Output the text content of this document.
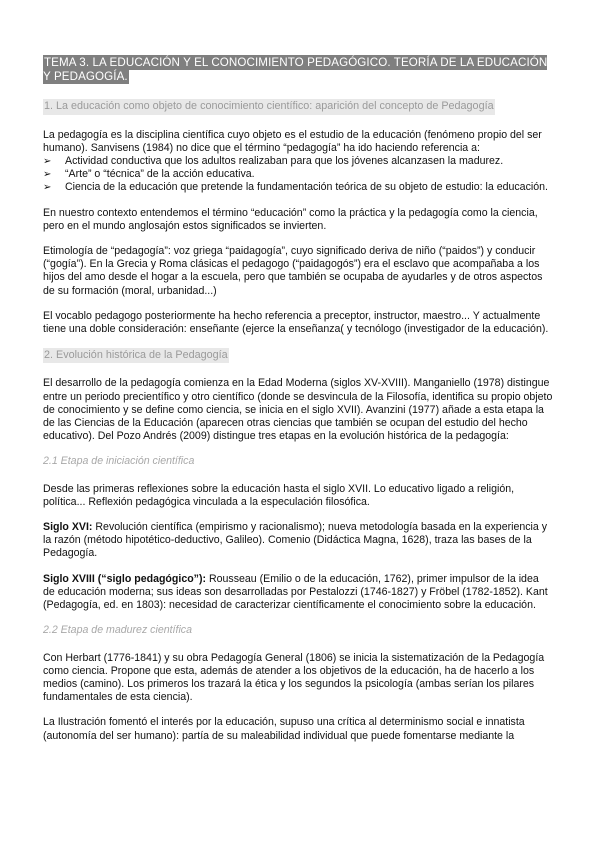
TEMA 3. LA EDUCACIÓN Y EL CONOCIMIENTO PEDAGÓGICO. TEORÍA DE LA EDUCACIÓN Y PEDAGOGÍA.
1. La educación como objeto de conocimiento científico: aparición del concepto de Pedagogía

La pedagogía es la disciplina científica cuyo objeto es el estudio de la educación (fenómeno propio del ser humano). Sanvisens (1984) no dice que el término “pedagogía” ha ido haciendo referencia a:

➢ Actividad conductiva que los adultos realizaban para que los jóvenes alcanzasen la madurez.
➢ “Arte” o “técnica” de la acción educativa.
➢ Ciencia de la educación que pretende la fundamentación teórica de su objeto de estudio: la educación.

En nuestro contexto entendemos el término “educación” como la práctica y la pedagogía como la ciencia, pero en el mundo anglosajón estos significados se invierten.

Etimología de “pedagogía”: voz griega “paidagogía”, cuyo significado deriva de niño (“paidos”) y conducir (“gogía”). En la Grecia y Roma clásicas el pedagogo (“paidagogós”) era el esclavo que acompañaba a los hijos del amo desde el hogar a la escuela, pero que también se ocupaba de ayudarles y de otros aspectos de su formación (moral, urbanidad...)

El vocablo pedagogo posteriormente ha hecho referencia a preceptor, instructor, maestro... Y actualmente tiene una doble consideración: enseñante (ejerce la enseñanza( y tecnólogo (investigador de la educación).

2. Evolución histórica de la Pedagogía

El desarrollo de la pedagogía comienza en la Edad Moderna (siglos XV-XVIII). Manganiello (1978) distingue entre un periodo precientífico y otro científico (donde se desvincula de la Filosofía, identifica su propio objeto de conocimiento y se define como ciencia, se inicia en el siglo XVII). Avanzini (1977) añade a esta etapa la de las Ciencias de la Educación (aparecen otras ciencias que también se ocupan del estudio del hecho educativo). Del Pozo Andrés (2009) distingue tres etapas en la evolución histórica de la pedagogía:

2.1 Etapa de iniciación científica

Desde las primeras reflexiones sobre la educación hasta el siglo XVII. Lo educativo ligado a religión, política... Reflexión pedagógica vinculada a la especulación filosófica.

Siglo XVI: Revolución científica (empirismo y racionalismo); nueva metodología basada en la experiencia y la razón (método hipotético-deductivo, Galileo). Comenio (Didáctica Magna, 1628), traza las bases de la Pedagogía.

Siglo XVIII (“siglo pedagógico”): Rousseau (Emilio o de la educación, 1762), primer impulsor de la idea de educación moderna; sus ideas son desarrolladas por Pestalozzi (1746-1827) y Fröbel (1782-1852). Kant (Pedagogía, ed. en 1803): necesidad de caracterizar científicamente el conocimiento sobre la educación.

2.2 Etapa de madurez científica

Con Herbart (1776-1841) y su obra Pedagogía General (1806) se inicia la sistematización de la Pedagogía como ciencia. Propone que esta, además de atender a los objetivos de la educación, ha de hacerlo a los medios (camino). Los primeros los trazará la ética y los segundos la psicología (ambas serían los pilares fundamentales de esta ciencia).

La Ilustración fomentó el interés por la educación, supuso una crítica al determinismo social e innatista (autonomía del ser humano): partía de su maleabilidad individual que puede fomentarse mediante la
